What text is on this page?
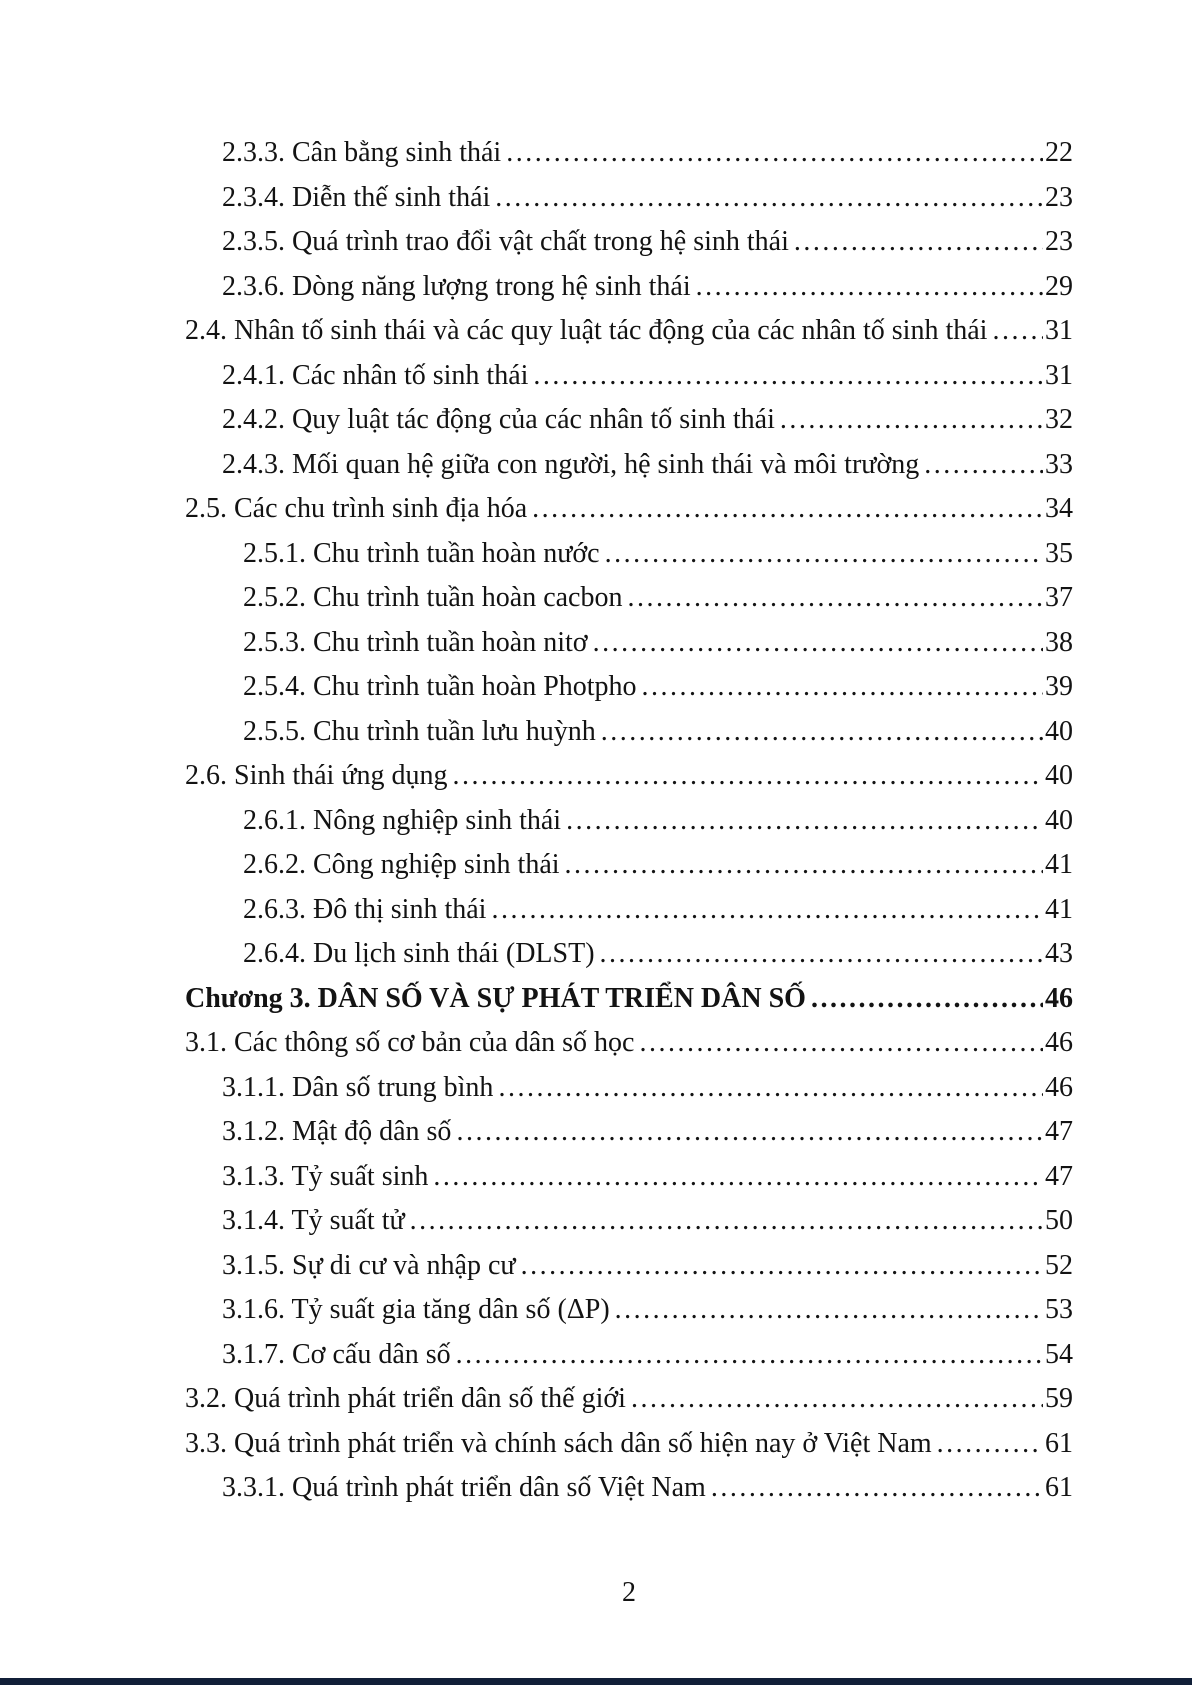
2.3.3. Cân bằng sinh thái .....	22
2.3.4. Diễn thế sinh thái .....	23
2.3.5. Quá trình trao đổi vật chất trong hệ sinh thái .....	23
2.3.6. Dòng năng lượng trong hệ sinh thái .....	29
2.4. Nhân tố sinh thái và các quy luật tác động của các nhân tố sinh thái ..... 31
2.4.1. Các nhân tố sinh thái .....	31
2.4.2. Quy luật tác động của các nhân tố sinh thái .....	32
2.4.3. Mối quan hệ giữa con người, hệ sinh thái và môi trường .....	33
2.5. Các chu trình sinh địa hóa .....	34
2.5.1. Chu trình tuần hoàn nước .....	35
2.5.2. Chu trình tuần hoàn cacbon .....	37
2.5.3. Chu trình tuần hoàn nitơ .....	38
2.5.4. Chu trình tuần hoàn Photpho .....	39
2.5.5. Chu trình tuần lưu huỳnh .....	40
2.6. Sinh thái ứng dụng .....	40
2.6.1. Nông nghiệp sinh thái .....	40
2.6.2. Công nghiệp sinh thái .....	41
2.6.3. Đô thị sinh thái .....	41
2.6.4. Du lịch sinh thái (DLST) .....	43
Chương 3. DÂN SỐ VÀ SỰ PHÁT TRIỂN DÂN SỐ .....	46
3.1. Các thông số cơ bản của dân số học .....	46
3.1.1. Dân số trung bình .....	46
3.1.2. Mật độ dân số .....	47
3.1.3. Tỷ suất sinh .....	47
3.1.4. Tỷ suất tử .....	50
3.1.5. Sự di cư và nhập cư .....	52
3.1.6. Tỷ suất gia tăng dân số (ΔP) .....	53
3.1.7. Cơ cấu dân số .....	54
3.2. Quá trình phát triển dân số thế giới .....	59
3.3. Quá trình phát triển và chính sách dân số hiện nay ở Việt Nam .....	61
3.3.1. Quá trình phát triển dân số Việt Nam .....	61
2
